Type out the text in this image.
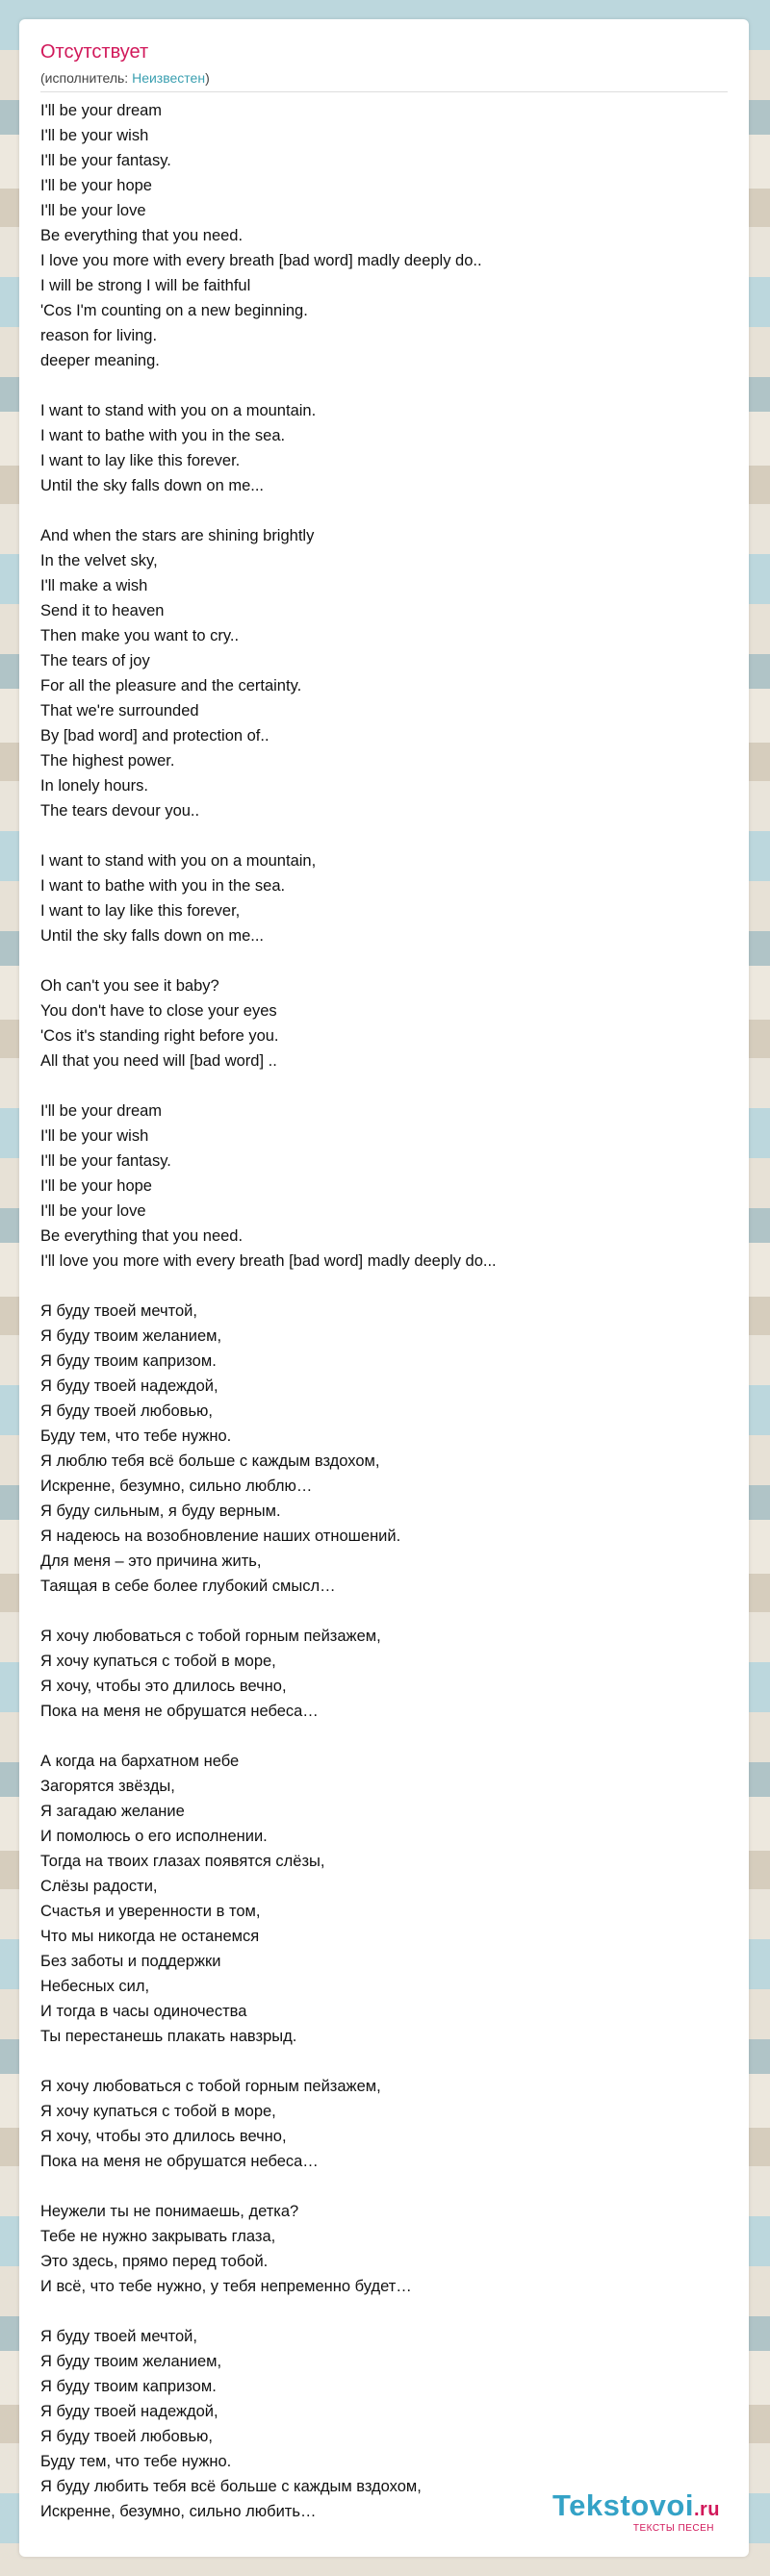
Отсутствует
(исполнитель: Неизвестен)
I'll be your dream
I'll be your wish
I'll be your fantasy.
I'll be your hope
I'll be your love
Be everything that you need.
I love you more with every breath [bad word] madly deeply do..
I will be strong I will be faithful
'Cos I'm counting on a new beginning.
reason for living.
deeper meaning.
I want to stand with you on a mountain.
I want to bathe with you in the sea.
I want to lay like this forever.
Until the sky falls down on me...
And when the stars are shining brightly
In the velvet sky,
I'll make a wish
Send it to heaven
Then make you want to cry..
The tears of joy
For all the pleasure and the certainty.
That we're surrounded
By [bad word] and protection of..
The highest power.
In lonely hours.
The tears devour you..
I want to stand with you on a mountain,
I want to bathe with you in the sea.
I want to lay like this forever,
Until the sky falls down on me...
Oh can't you see it baby?
You don't have to close your eyes
'Cos it's standing right before you.
All that you need will [bad word] ..
I'll be your dream
I'll be your wish
I'll be your fantasy.
I'll be your hope
I'll be your love
Be everything that you need.
I'll love you more with every breath [bad word] madly deeply do...
Я буду твоей мечтой,
Я буду твоим желанием,
Я буду твоим капризом.
Я буду твоей надеждой,
Я буду твоей любовью,
Буду тем, что тебе нужно.
Я люблю тебя всё больше с каждым вздохом,
Искренне, безумно, сильно люблю…
Я буду сильным, я буду верным.
Я надеюсь на возобновление наших отношений.
Для меня – это причина жить,
Таящая в себе более глубокий смысл…
Я хочу любоваться с тобой горным пейзажем,
Я хочу купаться с тобой в море,
Я хочу, чтобы это длилось вечно,
Пока на меня не обрушатся небеса…
А когда на бархатном небе
Загорятся звёзды,
Я загадаю желание
И помолюсь о его исполнении.
Тогда на твоих глазах появятся слёзы,
Слёзы радости,
Счастья и уверенности в том,
Что мы никогда не останемся
Без заботы и поддержки
Небесных сил,
И тогда в часы одиночества
Ты перестанешь плакать навзрыд.
Я хочу любоваться с тобой горным пейзажем,
Я хочу купаться с тобой в море,
Я хочу, чтобы это длилось вечно,
Пока на меня не обрушатся небеса…
Неужели ты не понимаешь, детка?
Тебе не нужно закрывать глаза,
Это здесь, прямо перед тобой.
И всё, что тебе нужно, у тебя непременно будет…
Я буду твоей мечтой,
Я буду твоим желанием,
Я буду твоим капризом.
Я буду твоей надеждой,
Я буду твоей любовью,
Буду тем, что тебе нужно.
Я буду любить тебя всё больше с каждым вздохом,
Искренне, безумно, сильно любить…	Tekstovoi.ru
ТЕКСТЫ ПЕСЕН
